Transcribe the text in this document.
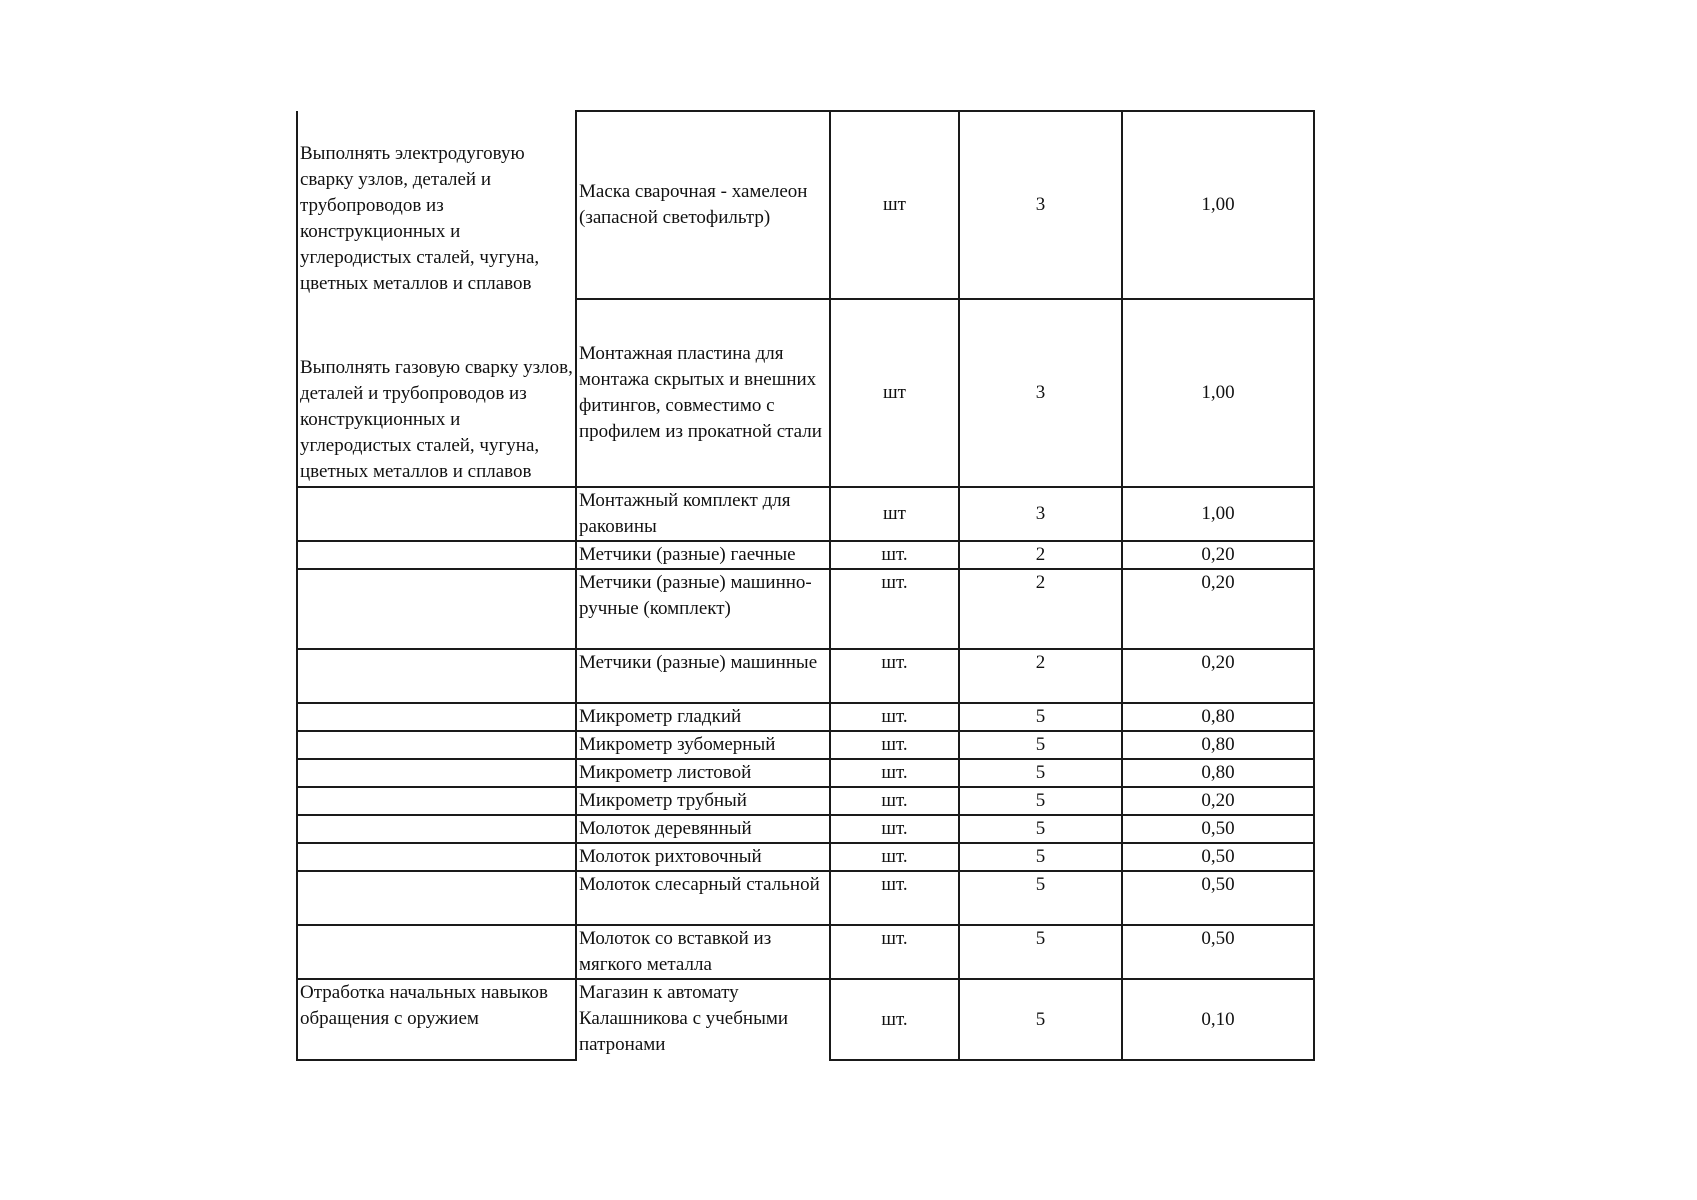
Выполнять электродуговую сварку узлов, деталей и трубопроводов из конструкционных и углеродистых сталей, чугуна, цветных металлов и сплавов	Маска сварочная - хамелеон (запасной светофильтр)	шт	3	1,00
Выполнять газовую сварку узлов, деталей и трубопроводов из конструкционных и углеродистых сталей, чугуна, цветных металлов и сплавов	Монтажная пластина для монтажа скрытых и внешних фитингов, совместимо с профилем из прокатной стали	шт	3	1,00
	Монтажный комплект для раковины	шт	3	1,00
	Метчики (разные) гаечные	шт.	2	0,20
	Метчики (разные) машинно-ручные (комплект)	шт.	2	0,20
	Метчики (разные) машинные	шт.	2	0,20
	Микрометр гладкий	шт.	5	0,80
	Микрометр зубомерный	шт.	5	0,80
	Микрометр листовой	шт.	5	0,80
	Микрометр трубный	шт.	5	0,20
	Молоток деревянный	шт.	5	0,50
	Молоток рихтовочный	шт.	5	0,50
	Молоток слесарный стальной	шт.	5	0,50
	Молоток со вставкой из мягкого металла	шт.	5	0,50
Отработка начальных навыков обращения с оружием	Магазин к автомату Калашникова с учебными патронами	шт.	5	0,10
